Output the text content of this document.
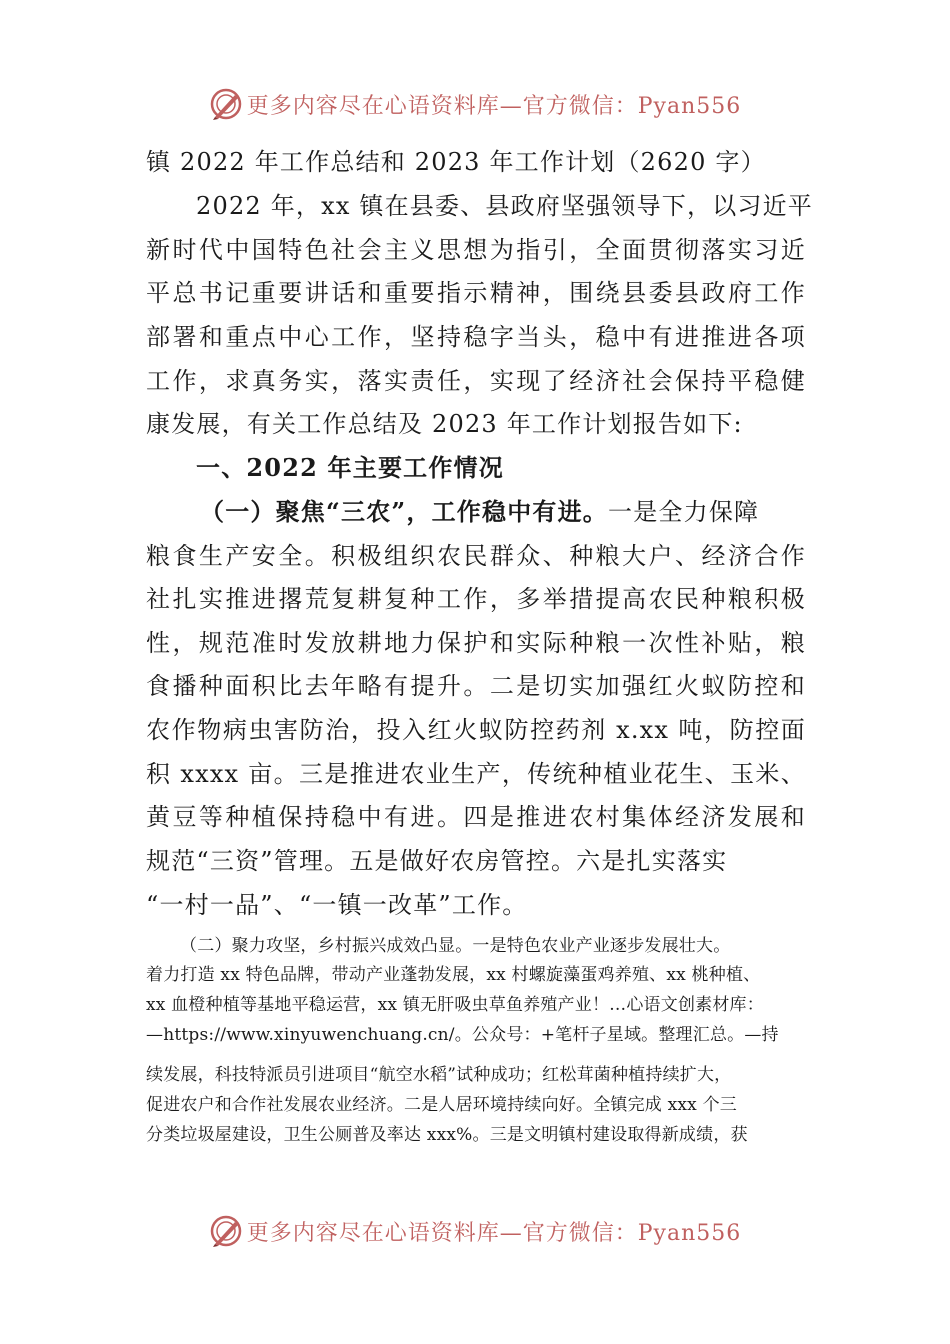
更多内容尽在心语资料库—官方微信：Pyan556
镇 2022 年工作总结和 2023 年工作计划（2620 字）
2022 年，xx 镇在县委、县政府坚强领导下，以习近平
新时代中国特色社会主义思想为指引，全面贯彻落实习近
平总书记重要讲话和重要指示精神，围绕县委县政府工作
部署和重点中心工作，坚持稳字当头，稳中有进推进各项
工作，求真务实，落实责任，实现了经济社会保持平稳健
康发展，有关工作总结及 2023 年工作计划报告如下:
一、2022 年主要工作情况
（一）聚焦“三农”，工作稳中有进。一是全力保障
粮食生产安全。积极组织农民群众、种粮大户、经济合作
社扎实推进撂荒复耕复种工作，多举措提高农民种粮积极
性，规范准时发放耕地力保护和实际种粮一次性补贴，粮
食播种面积比去年略有提升。二是切实加强红火蚁防控和
农作物病虫害防治，投入红火蚁防控药剂 x.xx 吨，防控面
积 xxxx 亩。三是推进农业生产，传统种植业花生、玉米、
黄豆等种植保持稳中有进。四是推进农村集体经济发展和
规范“三资”管理。五是做好农房管控。六是扎实落实
“一村一品”、“一镇一改革”工作。
（二）聚力攻坚，乡村振兴成效凸显。一是特色农业产业逐步发展壮大。
着力打造 xx 特色品牌，带动产业蓬勃发展，xx 村螺旋藻蛋鸡养殖、xx 桃种植、
xx 血橙种植等基地平稳运营，xx 镇无肝吸虫草鱼养殖产业！…心语文创素材库：
—https://www.xinyuwenchuang.cn/。公众号：+笔杆子星域。整理汇总。—持
续发展，科技特派员引进项目“航空水稻”试种成功；红松茸菌种植持续扩大，
促进农户和合作社发展农业经济。二是人居环境持续向好。全镇完成 xxx 个三
分类垃圾屋建设，卫生公厕普及率达 xxx%。三是文明镇村建设取得新成绩，获
更多内容尽在心语资料库—官方微信：Pyan556
